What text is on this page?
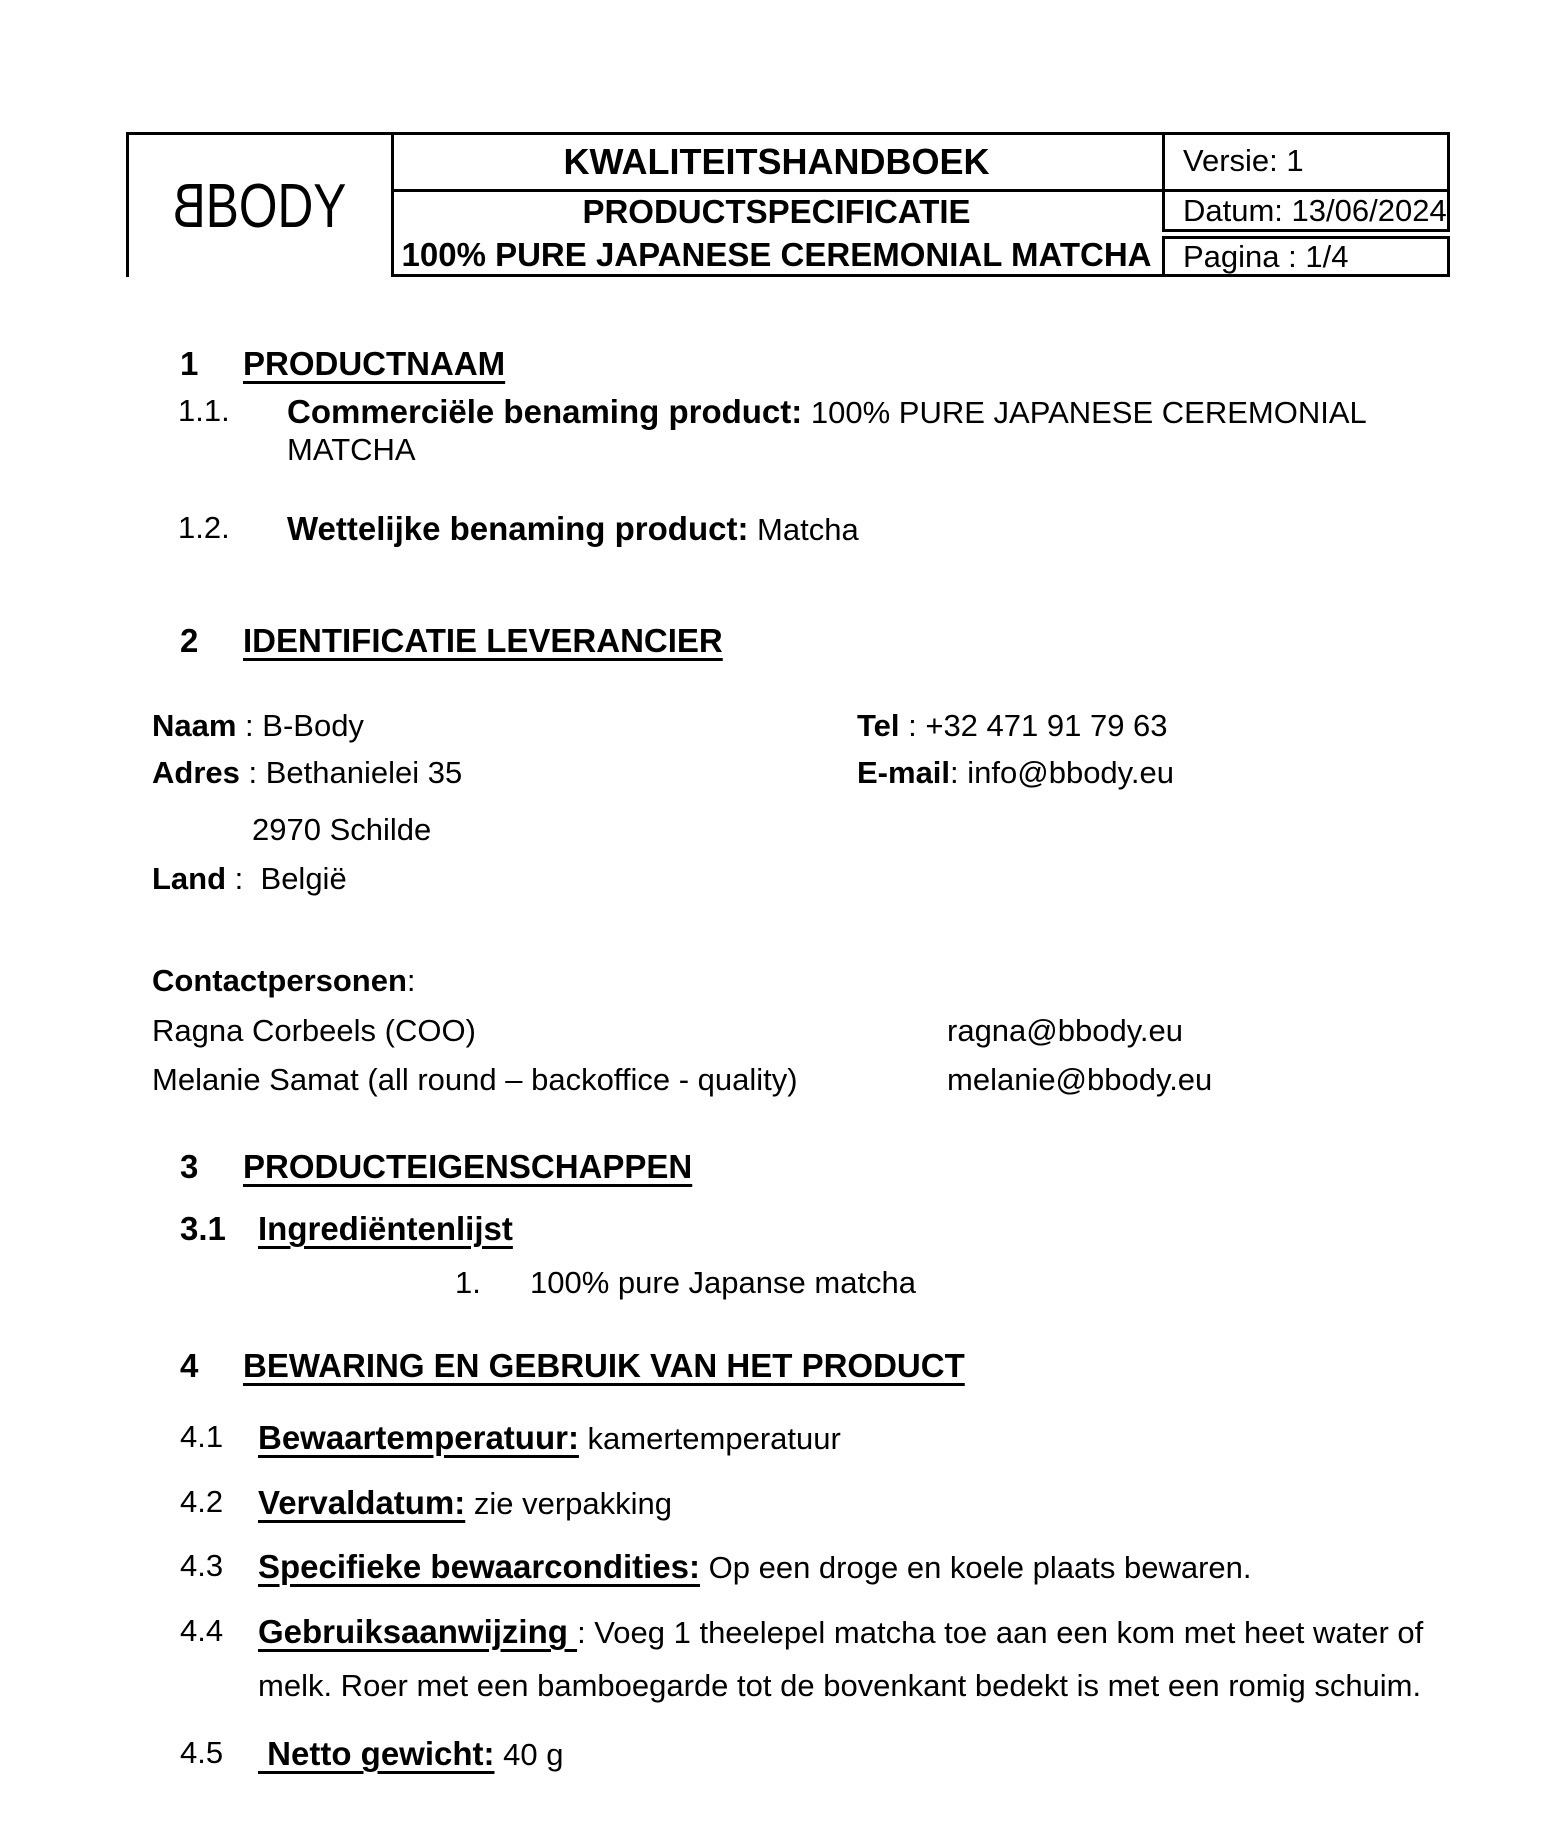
BBODY
KWALITEITSHANDBOEK
PRODUCTSPECIFICATIE
100% PURE JAPANESE CEREMONIAL MATCHA
Versie: 1
Datum: 13/06/2024
Pagina : 1/4
1 PRODUCTNAAM
1.1. Commerciële benaming product: 100% PURE JAPANESE CEREMONIAL
MATCHA
1.2. Wettelijke benaming product: Matcha
2 IDENTIFICATIE LEVERANCIER
Naam : B-Body	Tel : +32 471 91 79 63
Adres : Bethanielei 35	E-mail: info@bbody.eu
2970 Schilde
Land :  België
Contactpersonen:
Ragna Corbeels (COO)	ragna@bbody.eu
Melanie Samat (all round – backoffice - quality)	melanie@bbody.eu
3 PRODUCTEIGENSCHAPPEN
3.1 Ingrediëntenlijst
1. 100% pure Japanse matcha
4 BEWARING EN GEBRUIK VAN HET PRODUCT
4.1 Bewaartemperatuur: kamertemperatuur
4.2 Vervaldatum: zie verpakking
4.3 Specifieke bewaarcondities: Op een droge en koele plaats bewaren.
4.4 Gebruiksaanwijzing : Voeg 1 theelepel matcha toe aan een kom met heet water of
melk. Roer met een bamboegarde tot de bovenkant bedekt is met een romig schuim.
4.5 Netto gewicht: 40 g
